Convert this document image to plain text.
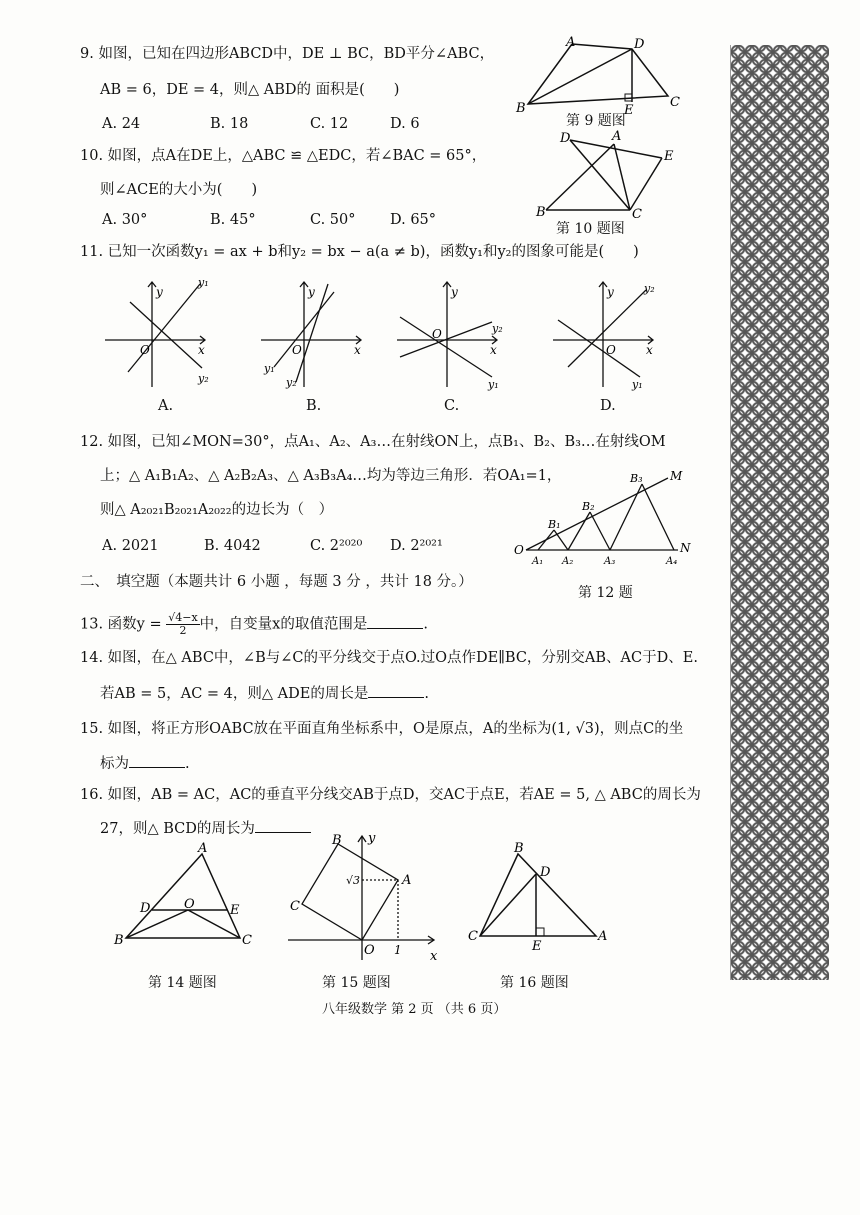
9. 如图，已知在四边形ABCD中，DE ⊥ BC，BD平分∠ABC，
AB = 6，DE = 4，则△ ABD的 面积是(　　)
A. 24	B. 18	C. 12	D. 6
A	D
B	E
C
第 9 题图
10. 如图，点A在DE上，△ABC ≌ △EDC，若∠BAC = 65°，
则∠ACE的大小为(　　)
A. 30°	B. 45°	C. 50° D. 65°
D	A
E
B	C
第 10 题图
11. 已知一次函数y₁ = ax + b和y₂ = bx − a(a ≠ b)，函数y₁和y₂的图象可能是(　　)
y
x
O
y₁
y₂
A.
y
x
O
y₁
y₂
B.
y
x
O
y₁
y₂
C.
y
x
O
y₁
y₂
D.
12. 如图，已知∠MON=30°，点A₁、A₂、A₃…在射线ON上，点B₁、B₂、B₃…在射线OM
上；△ A₁B₁A₂、△ A₂B₂A₃、△ A₃B₃A₄…均为等边三角形．若OA₁=1，
则△ A₂₀₂₁B₂₀₂₁A₂₀₂₂的边长为（　）
A. 2021	B. 4042	C. 2²⁰²⁰ D. 2²⁰²¹
B₃ M
B₂
B₁
O
A₁ A₂	A₃	A₄
N
第 12 题
二、　填空题（本题共计 6 小题 ，每题 3 分 ，共计 18 分。）
13. 函数$y = \frac{√4-x}{2}$ 中，自变量x的取值范围是	.
14. 如图，在△ ABC中，∠B与∠C的平分线交于点O.过O点作DE∥BC，分别交AB、AC于D、E.
若AB = 5，AC = 4，则△ ADE的周长是	.
15. 如图，将正方形OABC放在平面直角坐标系中，O是原点，A的坐标为(1, √3)，则点C的坐
标为	.
16. 如图，AB = AC，AC的垂直平分线交AB于点D，交AC于点E，若AE = 5, △ ABC的周长为
27，则△ BCD的周长为
A
D	O	E
B	C
第 14 题图
B y
A
C
O 1 x
√3
第 15 题图
B
D
C
E
A
第 16 题图
八年级数学 第 2 页 （共 6 页）
